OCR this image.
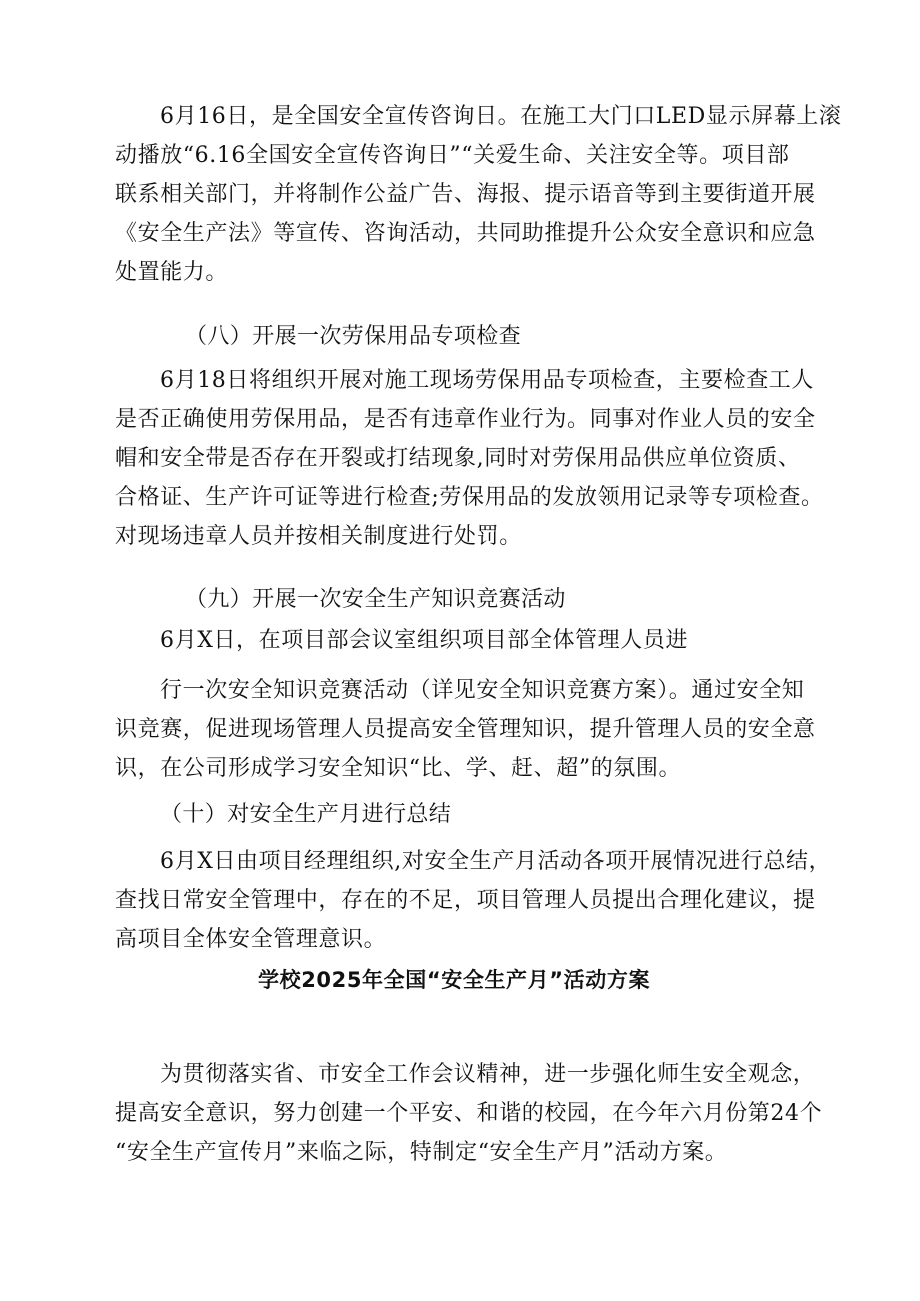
6月16日，是全国安全宣传咨询日。在施工大门口LED显示屏幕上滚
动播放“6.16全国安全宣传咨询日”“关爱生命、关注安全等。项目部
联系相关部门，并将制作公益广告、海报、提示语音等到主要街道开展
《安全生产法》等宣传、咨询活动，共同助推提升公众安全意识和应急
处置能力。
（八）开展一次劳保用品专项检查
6月18日将组织开展对施工现场劳保用品专项检查，主要检查工人
是否正确使用劳保用品，是否有违章作业行为。同事对作业人员的安全
帽和安全带是否存在开裂或打结现象,同时对劳保用品供应单位资质、
合格证、生产许可证等进行检查;劳保用品的发放领用记录等专项检查。
对现场违章人员并按相关制度进行处罚。
（九）开展一次安全生产知识竞赛活动
6月X日，在项目部会议室组织项目部全体管理人员进
行一次安全知识竞赛活动（详见安全知识竞赛方案）。通过安全知
识竞赛，促进现场管理人员提高安全管理知识，提升管理人员的安全意
识，在公司形成学习安全知识“比、学、赶、超”的氛围。
（十）对安全生产月进行总结
6月X日由项目经理组织,对安全生产月活动各项开展情况进行总结，
查找日常安全管理中，存在的不足，项目管理人员提出合理化建议，提
高项目全体安全管理意识。
学校2025年全国“安全生产月”活动方案
为贯彻落实省、市安全工作会议精神，进一步强化师生安全观念，
提高安全意识，努力创建一个平安、和谐的校园，在今年六月份第24个
“安全生产宣传月”来临之际，特制定“安全生产月”活动方案。
